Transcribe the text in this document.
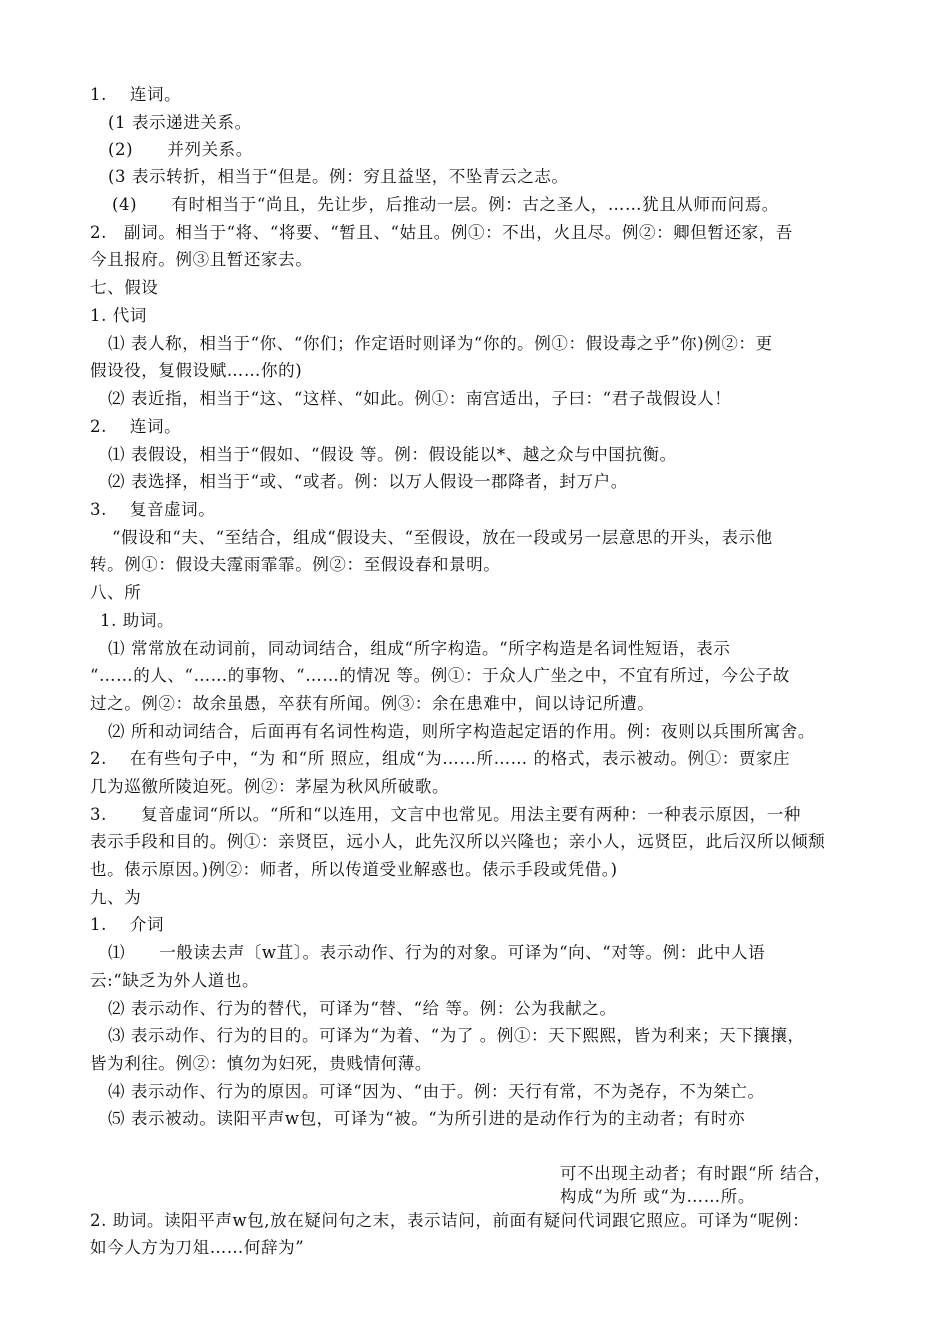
1.　 连词。
(1 表示递进关系。
(2)　　并列关系。
(3 表示转折，相当于“但是。例：穷且益坚，不坠青云之志。
(4)　　有时相当于“尚且，先让步，后推动一层。例：古之圣人，……犹且从师而问焉。
2.　副词。相当于“将、“将要、“暂且、“姑且。例①：不出，火且尽。例②：卿但暂还家，吾
今且报府。例③且暂还家去。
七、假设
1. 代词
⑴ 表人称，相当于“你、“你们；作定语时则译为“你的。例①：假设毒之乎”你)例②：更
假设役，复假设赋……你的)
⑵ 表近指，相当于“这、“这样、“如此。例①：南宫适出，子曰：“君子哉假设人！
2.　 连词。
⑴ 表假设，相当于“假如、“假设 等。例：假设能以*、越之众与中国抗衡。
⑵ 表选择，相当于“或、“或者。例：以万人假设一郡降者，封万户。
3.　 复音虚词。
“假设和“夫、“至结合，组成“假设夫、“至假设，放在一段或另一层意思的开头，表示他
转。例①：假设夫霪雨霏霏。例②：至假设春和景明。
八、所
1. 助词。
⑴ 常常放在动词前，同动词结合，组成“所字构造。“所字构造是名词性短语，表示
“……的人、“……的事物、“……的情况 等。例①：于众人广坐之中，不宜有所过，今公子故
过之。例②：故余虽愚，卒获有所闻。例③：余在患难中，间以诗记所遭。
⑵ 所和动词结合，后面再有名词性构造，则所字构造起定语的作用。例：夜则以兵围所寓舍。
2.　 在有些句子中，“为 和“所 照应，组成“为……所…… 的格式，表示被动。例①：贾家庄
几为巡徼所陵迫死。例②：茅屋为秋风所破歌。
3.　　复音虚词“所以。“所和“以连用，文言中也常见。用法主要有两种：一种表示原因，一种
表示手段和目的。例①：亲贤臣，远小人，此先汉所以兴隆也；亲小人，远贤臣，此后汉所以倾颓
也。俵示原因。)例②：师者，所以传道受业解惑也。俵示手段或凭借。)
九、为
1.　 介词
⑴　　一般读去声〔w苴〕。表示动作、行为的对象。可译为“向、“对等。例：此中人语
云:“缺乏为外人道也。
⑵ 表示动作、行为的替代，可译为“替、“给 等。例：公为我献之。
⑶ 表示动作、行为的目的。可译为“为着、“为了 。例①：天下熙熙，皆为利来；天下攘攘，
皆为利往。例②：慎勿为妇死，贵贱情何薄。
⑷ 表示动作、行为的原因。可译“因为、“由于。例：天行有常，不为尧存，不为桀亡。
⑸ 表示被动。读阳平声w包，可译为“被。“为所引进的是动作行为的主动者；有时亦
可不出现主动者；有时跟“所 结合，
构成“为所 或“为……所。
2. 助词。读阳平声w包,放在疑问句之末，表示诘问，前面有疑问代词跟它照应。可译为“呢例：
如今人方为刀俎……何辞为”
